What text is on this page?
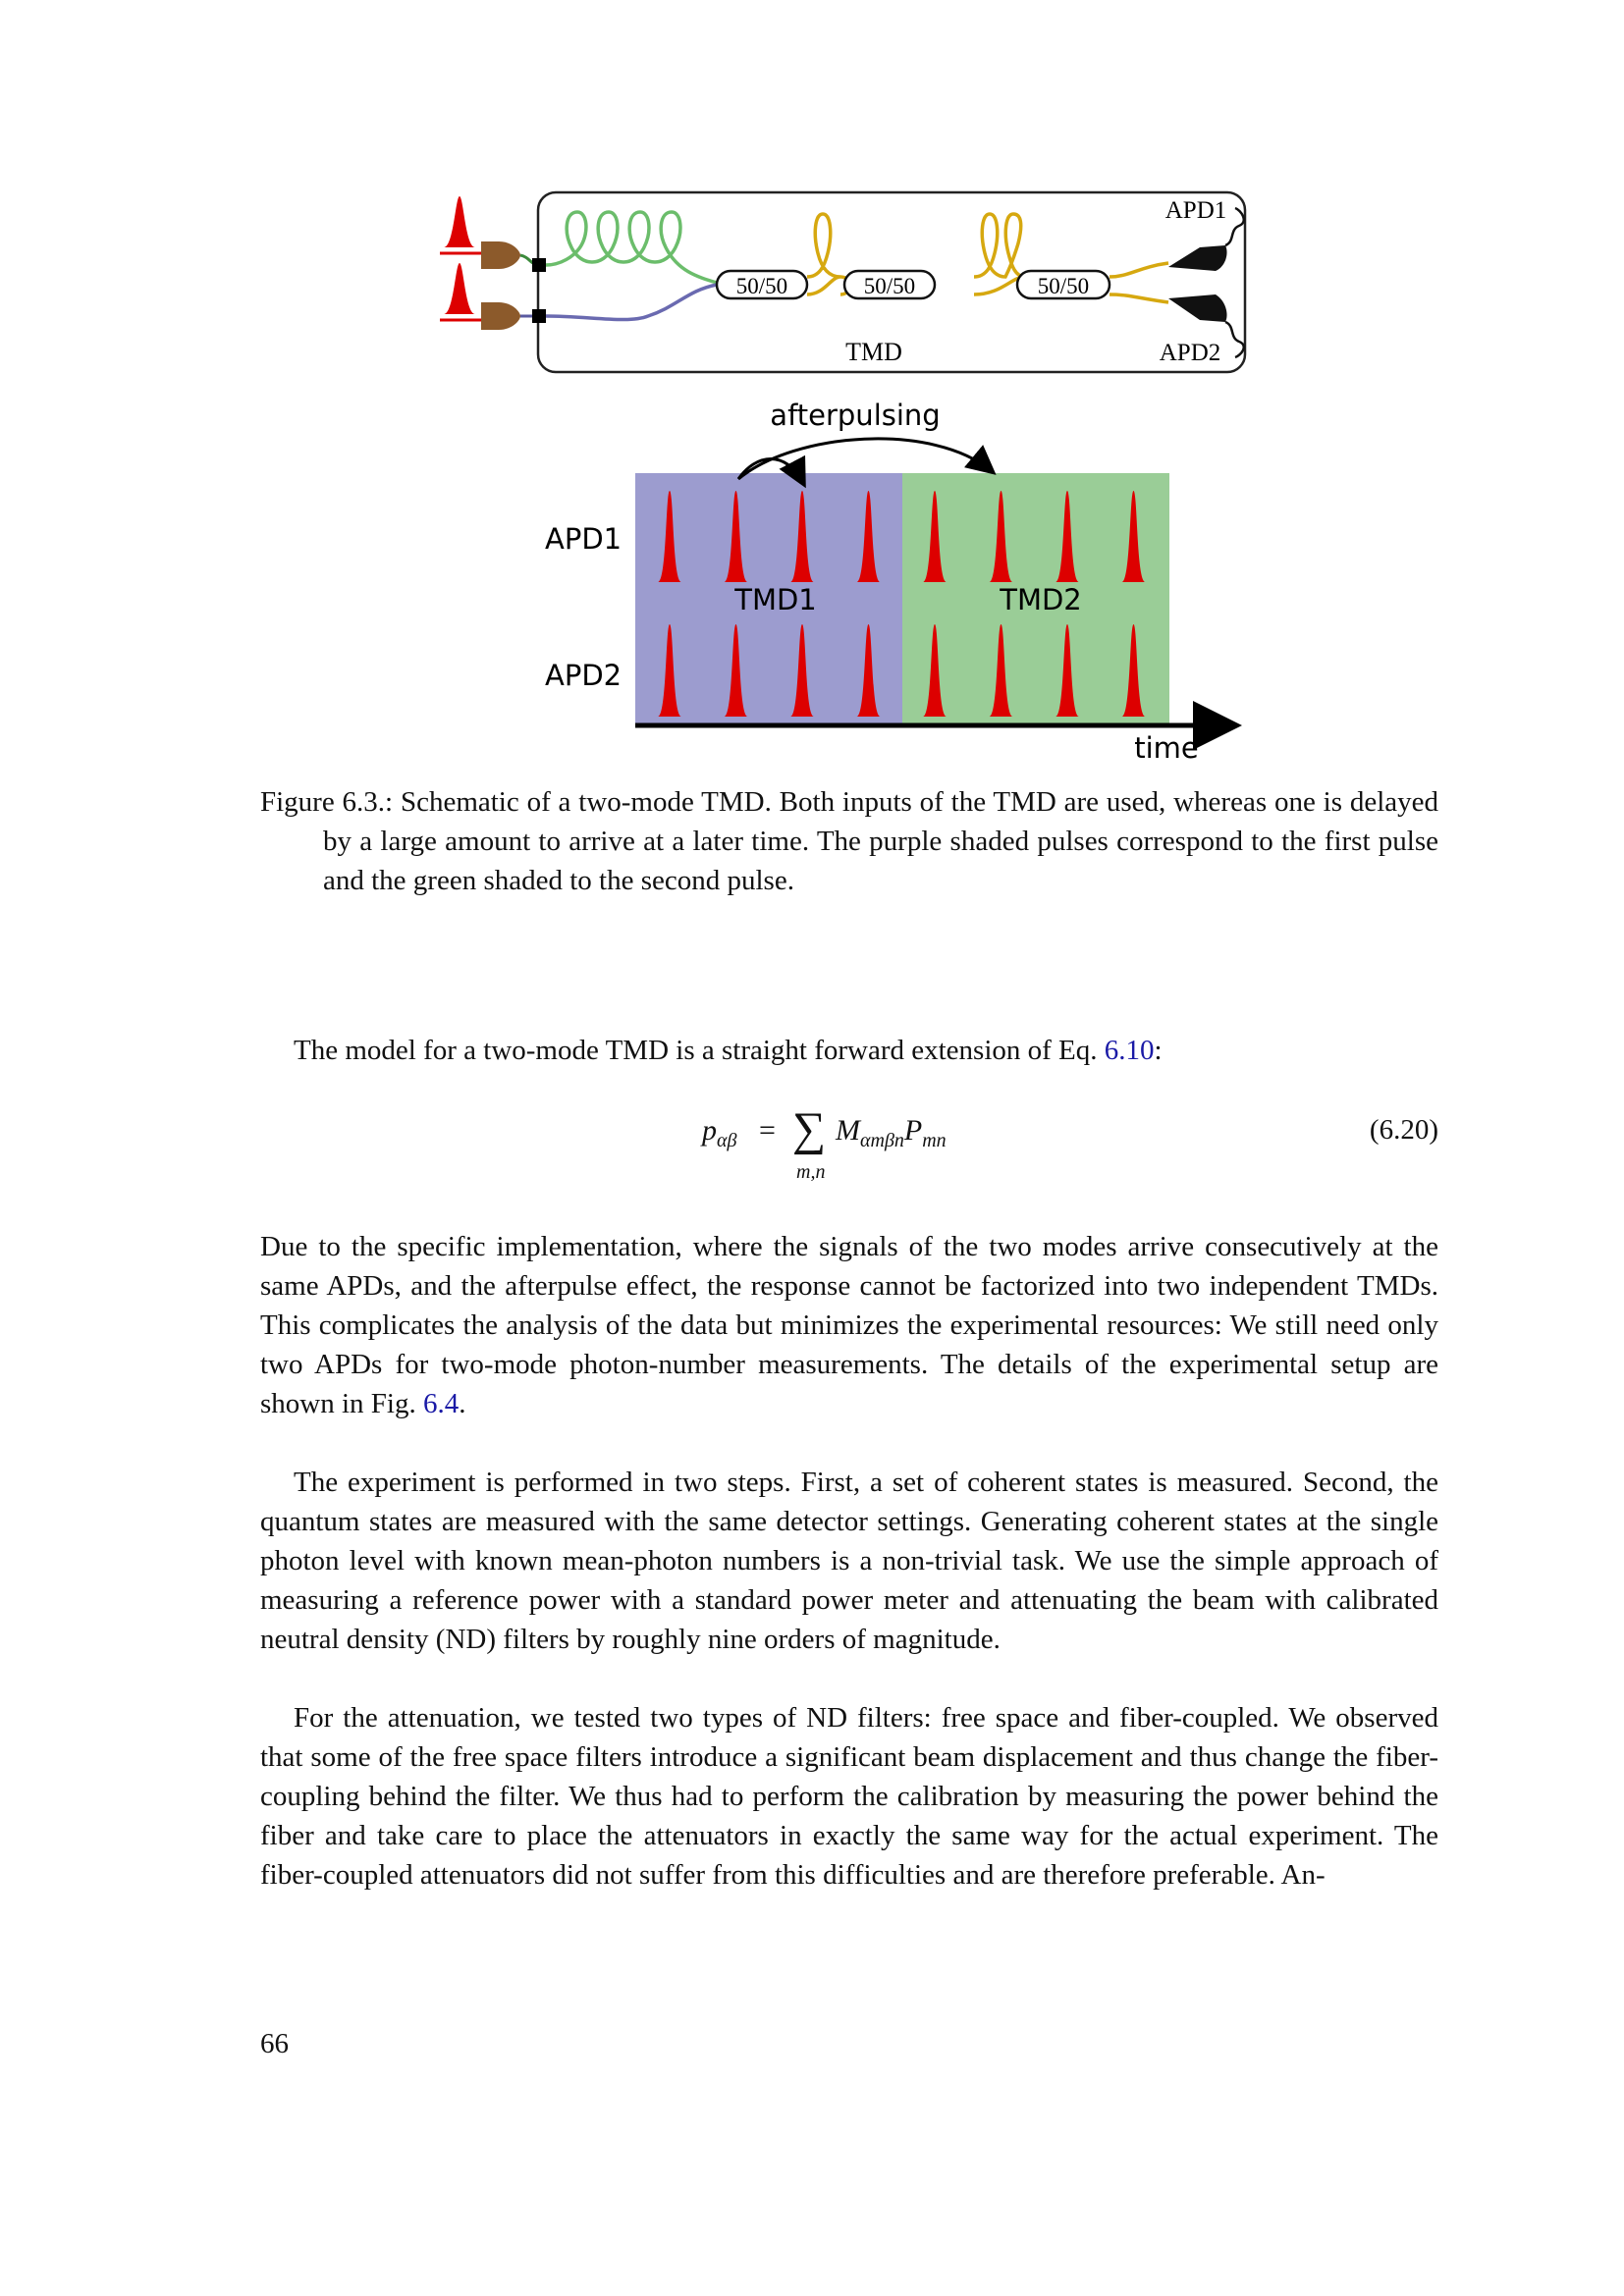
50/50	50/50	50/50
APD1
APD2
TMD
afterpulsing
APD1
APD2
TMD1	TMD2
time
Figure 6.3.: Schematic of a two-mode TMD. Both inputs of the TMD are used, whereas one is delayed by a large amount to arrive at a later time. The purple shaded pulses correspond to the first pulse and the green shaded to the second pulse.
The model for a two-mode TMD is a straight forward extension of Eq. 6.10:
$p_{\alpha\beta}$ = ∑
m,n
$M_{\alpha m\beta n}P_{mn}$	(6.20)
Due to the specific implementation, where the signals of the two modes arrive consecutively at the same APDs, and the afterpulse effect, the response cannot be factorized into two independent TMDs. This complicates the analysis of the data but minimizes the experimental resources: We still need only two APDs for two-mode photon-number measurements. The details of the experimental setup are shown in Fig. 6.4.
The experiment is performed in two steps. First, a set of coherent states is measured. Second, the quantum states are measured with the same detector settings. Generating coherent states at the single photon level with known mean-photon numbers is a non-trivial task. We use the simple approach of measuring a reference power with a standard power meter and attenuating the beam with calibrated neutral density (ND) filters by roughly nine orders of magnitude.
For the attenuation, we tested two types of ND filters: free space and fiber-coupled. We observed that some of the free space filters introduce a significant beam displacement and thus change the fiber-coupling behind the filter. We thus had to perform the calibration by measuring the power behind the fiber and take care to place the attenuators in exactly the same way for the actual experiment. The fiber-coupled attenuators did not suffer from this difficulties and are therefore preferable. An-
66
